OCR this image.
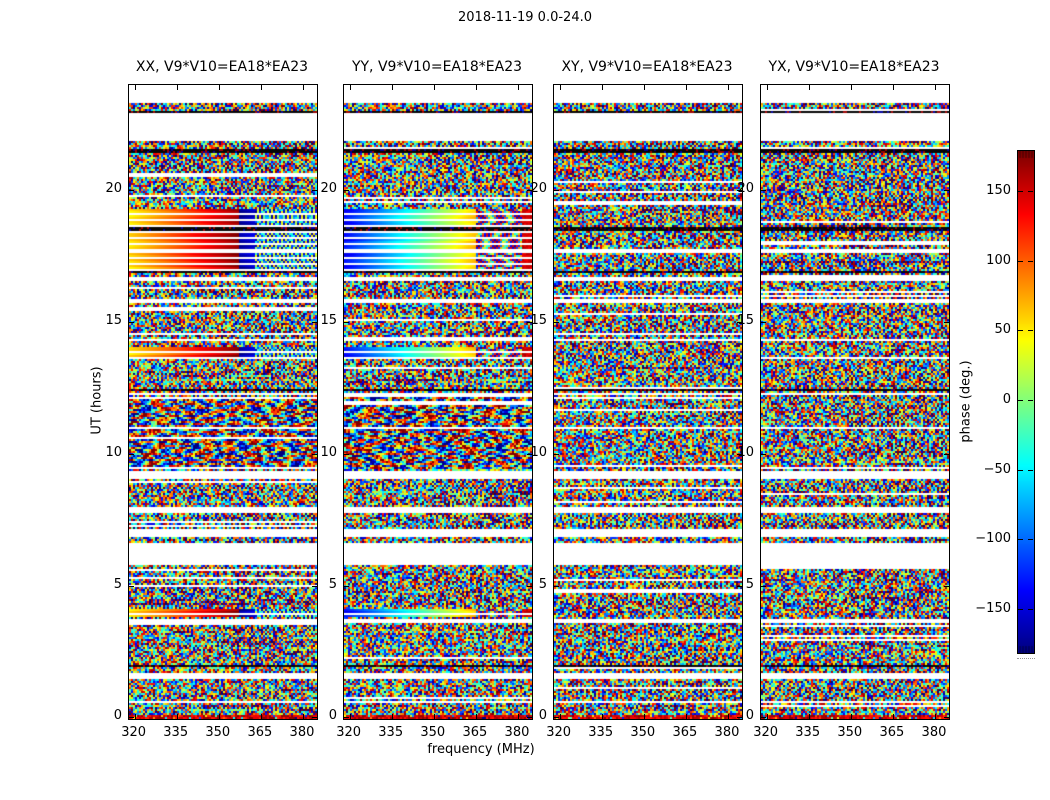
2018-11-19 0.0-24.0
XX, V9*V10=EA18*EA23
320 335 350 365 380
0
5
10
15
20
YY, V9*V10=EA18*EA23
320 335 350 365 380
0
5
10
15
20
XY, V9*V10=EA18*EA23
320 335 350 365 380
0
5
10
15
20
YX, V9*V10=EA18*EA23
320 335 350 365 380
0
5
10
15
20
UT (hours)
frequency (MHz)
150
100
50
0
−50
−100
−150
phase (deg.)
